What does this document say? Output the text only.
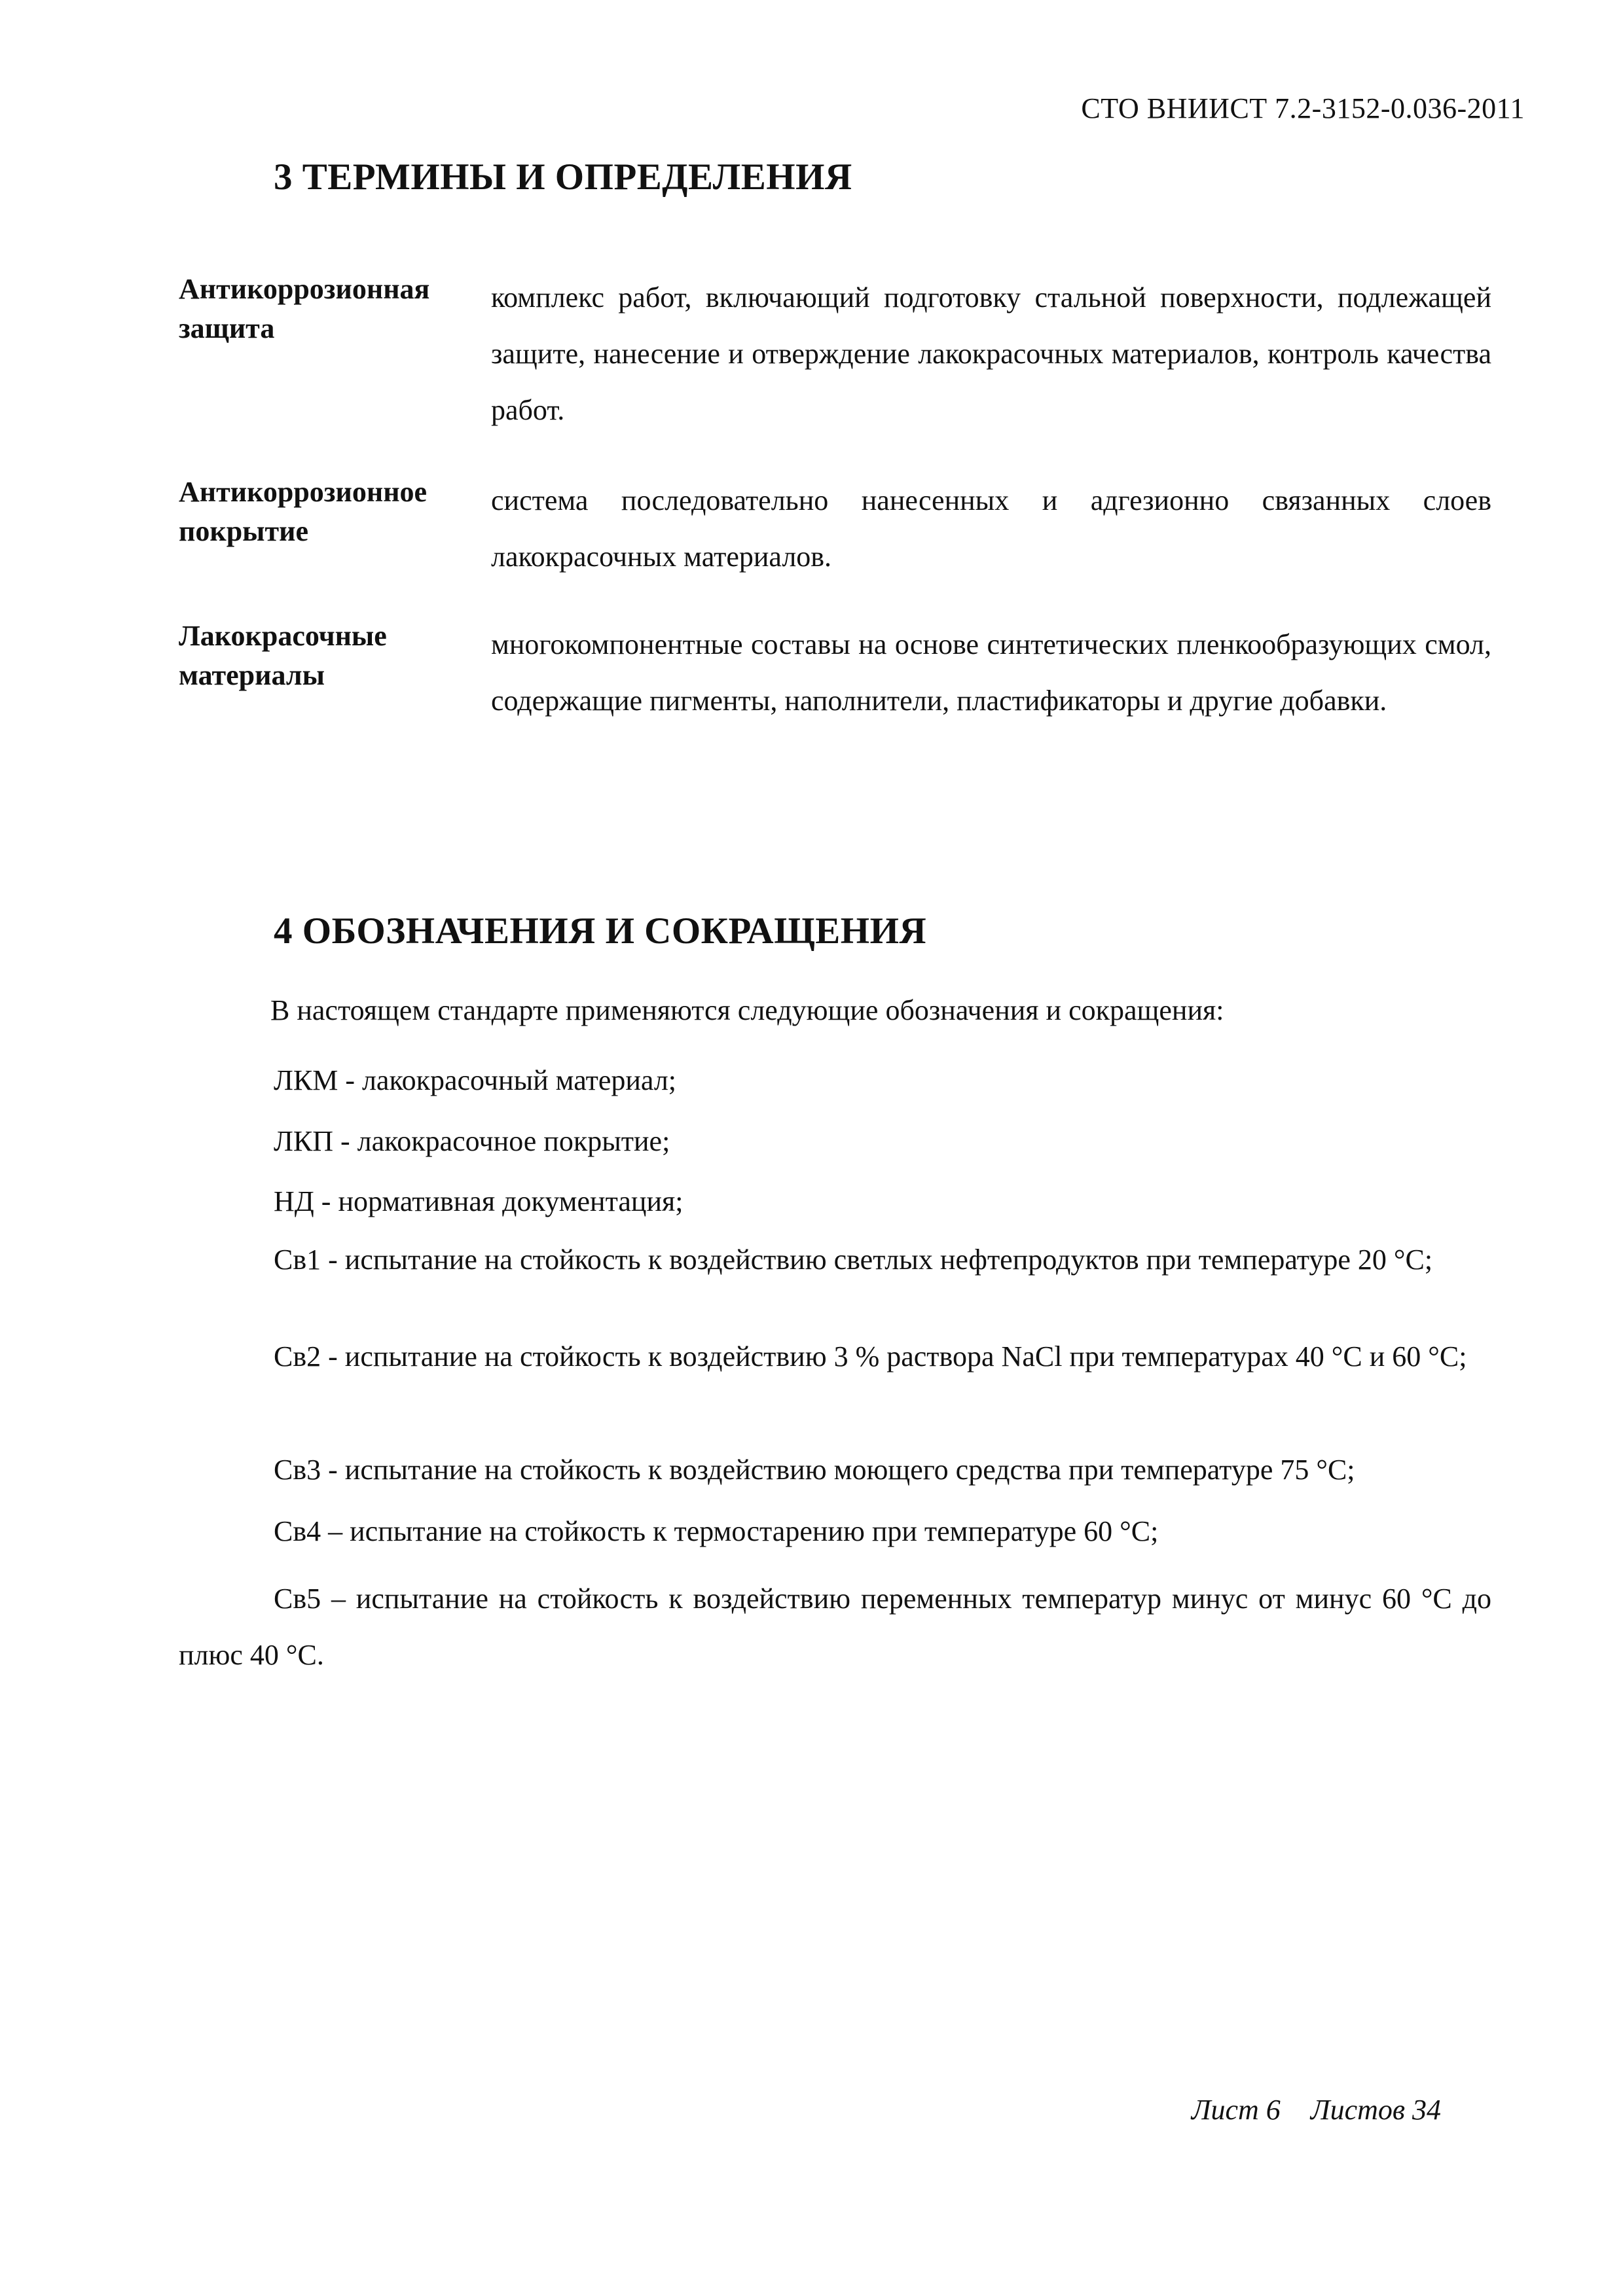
СТО ВНИИСТ 7.2-3152-0.036-2011
3 ТЕРМИНЫ И ОПРЕДЕЛЕНИЯ
Антикоррозионная защита
комплекс работ, включающий подготовку стальной поверхности, подлежащей защите, нанесение и отверждение лакокрасочных материалов, контроль качества работ.
Антикоррозионное покрытие
система последовательно нанесенных и адгезионно связанных слоев лакокрасочных материалов.
Лакокрасочные материалы
многокомпонентные составы на основе синтетических пленкообразующих смол, содержащие пигменты, наполнители, пластификаторы и другие добавки.
4 ОБОЗНАЧЕНИЯ И СОКРАЩЕНИЯ
В настоящем стандарте применяются следующие обозначения и сокращения:
ЛКМ - лакокрасочный материал;
ЛКП - лакокрасочное покрытие;
НД - нормативная документация;
Св1 - испытание на стойкость к воздействию светлых нефтепродуктов при температуре 20 °С;
Св2 - испытание на стойкость к воздействию 3 % раствора NaCl при температурах 40 °С и 60 °С;
Св3 - испытание на стойкость к воздействию моющего средства при температуре 75 °С;
Св4 – испытание на стойкость к термостарению при температуре 60 °С;
Св5 – испытание на стойкость к воздействию переменных температур минус от минус 60 °С до плюс 40 °С.
Лист 6 Листов 34
